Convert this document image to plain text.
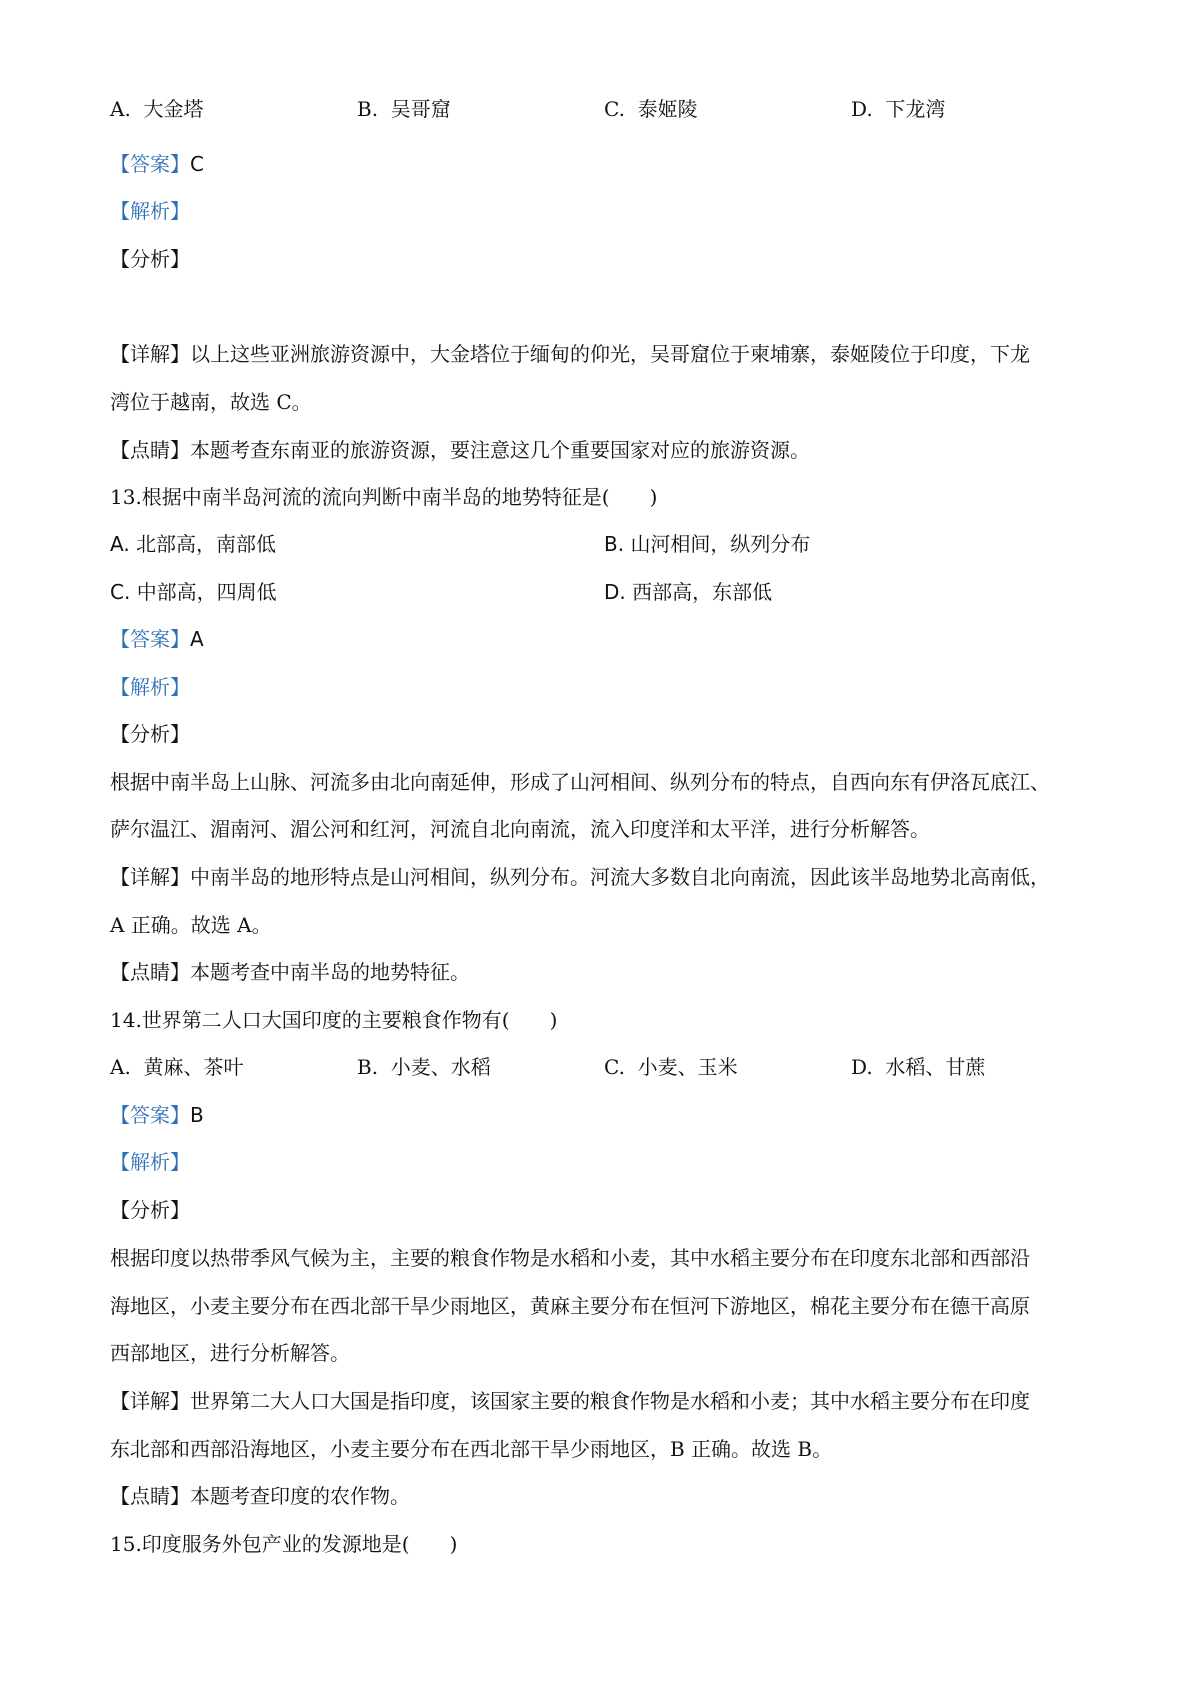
A. 大金塔	B. 吴哥窟	C. 泰姬陵	D. 下龙湾
【答案】C
【解析】
【分析】
【详解】以上这些亚洲旅游资源中，大金塔位于缅甸的仰光，吴哥窟位于柬埔寨，泰姬陵位于印度，下龙
湾位于越南，故选 C。
【点睛】本题考查东南亚的旅游资源，要注意这几个重要国家对应的旅游资源。
13.根据中南半岛河流的流向判断中南半岛的地势特征是(　　)
A. 北部高，南部低	B. 山河相间，纵列分布
C. 中部高，四周低	D. 西部高，东部低
【答案】A
【解析】
【分析】
根据中南半岛上山脉、河流多由北向南延伸，形成了山河相间、纵列分布的特点，自西向东有伊洛瓦底江、
萨尔温江、湄南河、湄公河和红河，河流自北向南流，流入印度洋和太平洋，进行分析解答。
【详解】中南半岛的地形特点是山河相间，纵列分布。河流大多数自北向南流，因此该半岛地势北高南低，
A 正确。故选 A。
【点睛】本题考查中南半岛的地势特征。
14.世界第二人口大国印度的主要粮食作物有(　　)
A. 黄麻、茶叶	B. 小麦、水稻	C. 小麦、玉米	D. 水稻、甘蔗
【答案】B
【解析】
【分析】
根据印度以热带季风气候为主，主要的粮食作物是水稻和小麦，其中水稻主要分布在印度东北部和西部沿
海地区，小麦主要分布在西北部干旱少雨地区，黄麻主要分布在恒河下游地区，棉花主要分布在德干高原
西部地区，进行分析解答。
【详解】世界第二大人口大国是指印度，该国家主要的粮食作物是水稻和小麦；其中水稻主要分布在印度
东北部和西部沿海地区，小麦主要分布在西北部干旱少雨地区，B 正确。故选 B。
【点睛】本题考查印度的农作物。
15.印度服务外包产业的发源地是(　　)
